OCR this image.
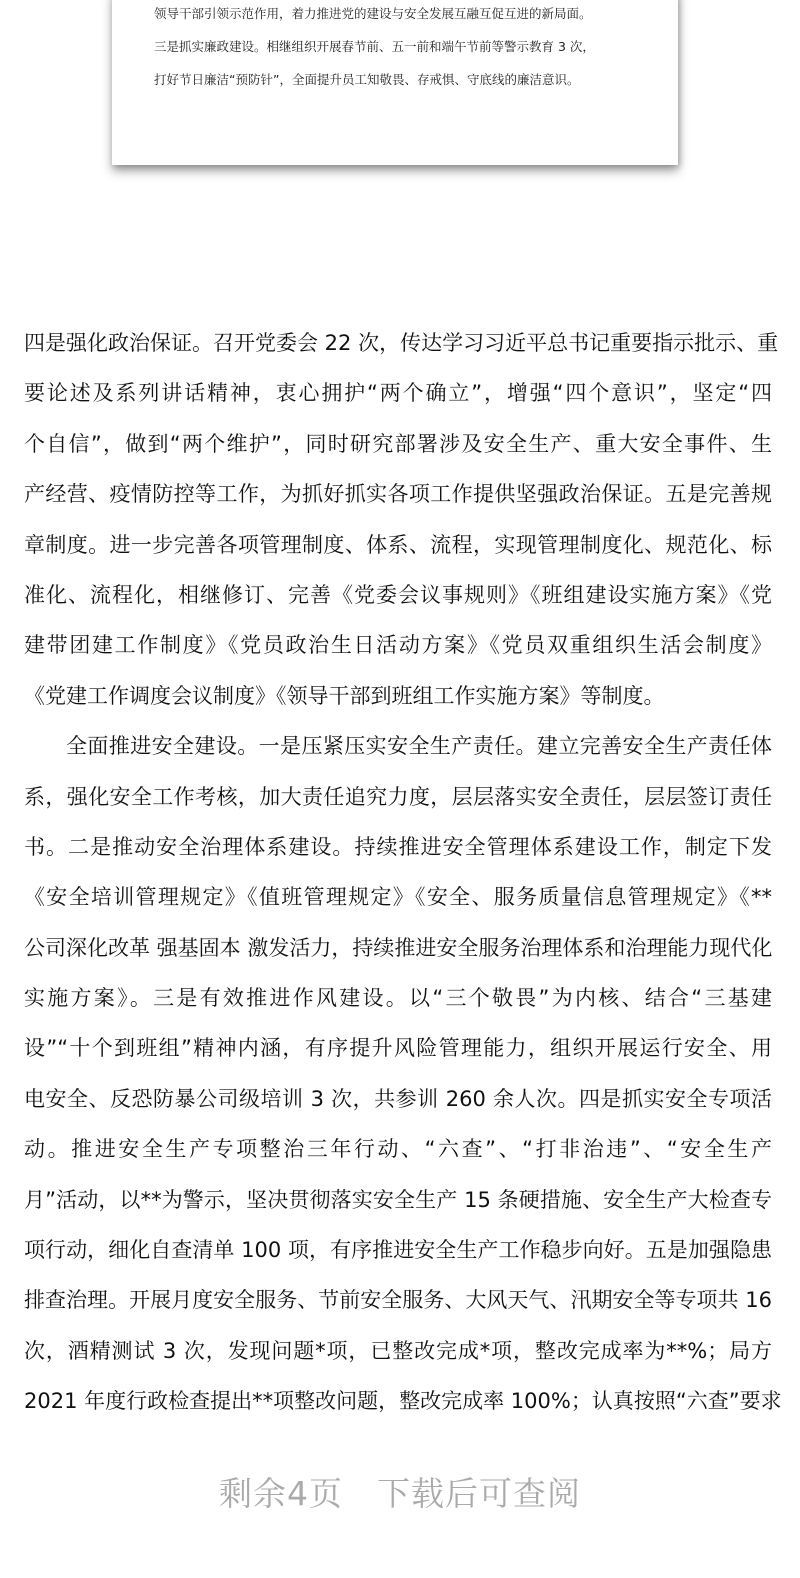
领导干部引领示范作用，着力推进党的建设与安全发展互融互促互进的新局面。
三是抓实廉政建设。相继组织开展春节前、五一前和端午节前等警示教育 3 次，
打好节日廉洁“预防针”，全面提升员工知敬畏、存戒惧、守底线的廉洁意识。
四是强化政治保证。召开党委会 22 次，传达学习习近平总书记重要指示批示、重
要论述及系列讲话精神，衷心拥护“两个确立”，增强“四个意识”，坚定“四
个自信”，做到“两个维护”，同时研究部署涉及安全生产、重大安全事件、生
产经营、疫情防控等工作，为抓好抓实各项工作提供坚强政治保证。五是完善规
章制度。进一步完善各项管理制度、体系、流程，实现管理制度化、规范化、标
准化、流程化，相继修订、完善《党委会议事规则》《班组建设实施方案》《党
建带团建工作制度》《党员政治生日活动方案》《党员双重组织生活会制度》
《党建工作调度会议制度》《领导干部到班组工作实施方案》等制度。
全面推进安全建设。一是压紧压实安全生产责任。建立完善安全生产责任体
系，强化安全工作考核，加大责任追究力度，层层落实安全责任，层层签订责任
书。二是推动安全治理体系建设。持续推进安全管理体系建设工作，制定下发
《安全培训管理规定》《值班管理规定》《安全、服务质量信息管理规定》《**
公司深化改革 强基固本 激发活力，持续推进安全服务治理体系和治理能力现代化
实施方案》。三是有效推进作风建设。以“三个敬畏”为内核、结合“三基建
设”“十个到班组”精神内涵，有序提升风险管理能力，组织开展运行安全、用
电安全、反恐防暴公司级培训 3 次，共参训 260 余人次。四是抓实安全专项活
动。推进安全生产专项整治三年行动、“六查”、“打非治违”、“安全生产
月”活动，以**为警示，坚决贯彻落实安全生产 15 条硬措施、安全生产大检查专
项行动，细化自查清单 100 项，有序推进安全生产工作稳步向好。五是加强隐患
排查治理。开展月度安全服务、节前安全服务、大风天气、汛期安全等专项共 16
次，酒精测试 3 次，发现问题*项，已整改完成*项，整改完成率为**%；局方
2021 年度行政检查提出**项整改问题，整改完成率 100%；认真按照“六查”要求
剩余4页　下载后可查阅
